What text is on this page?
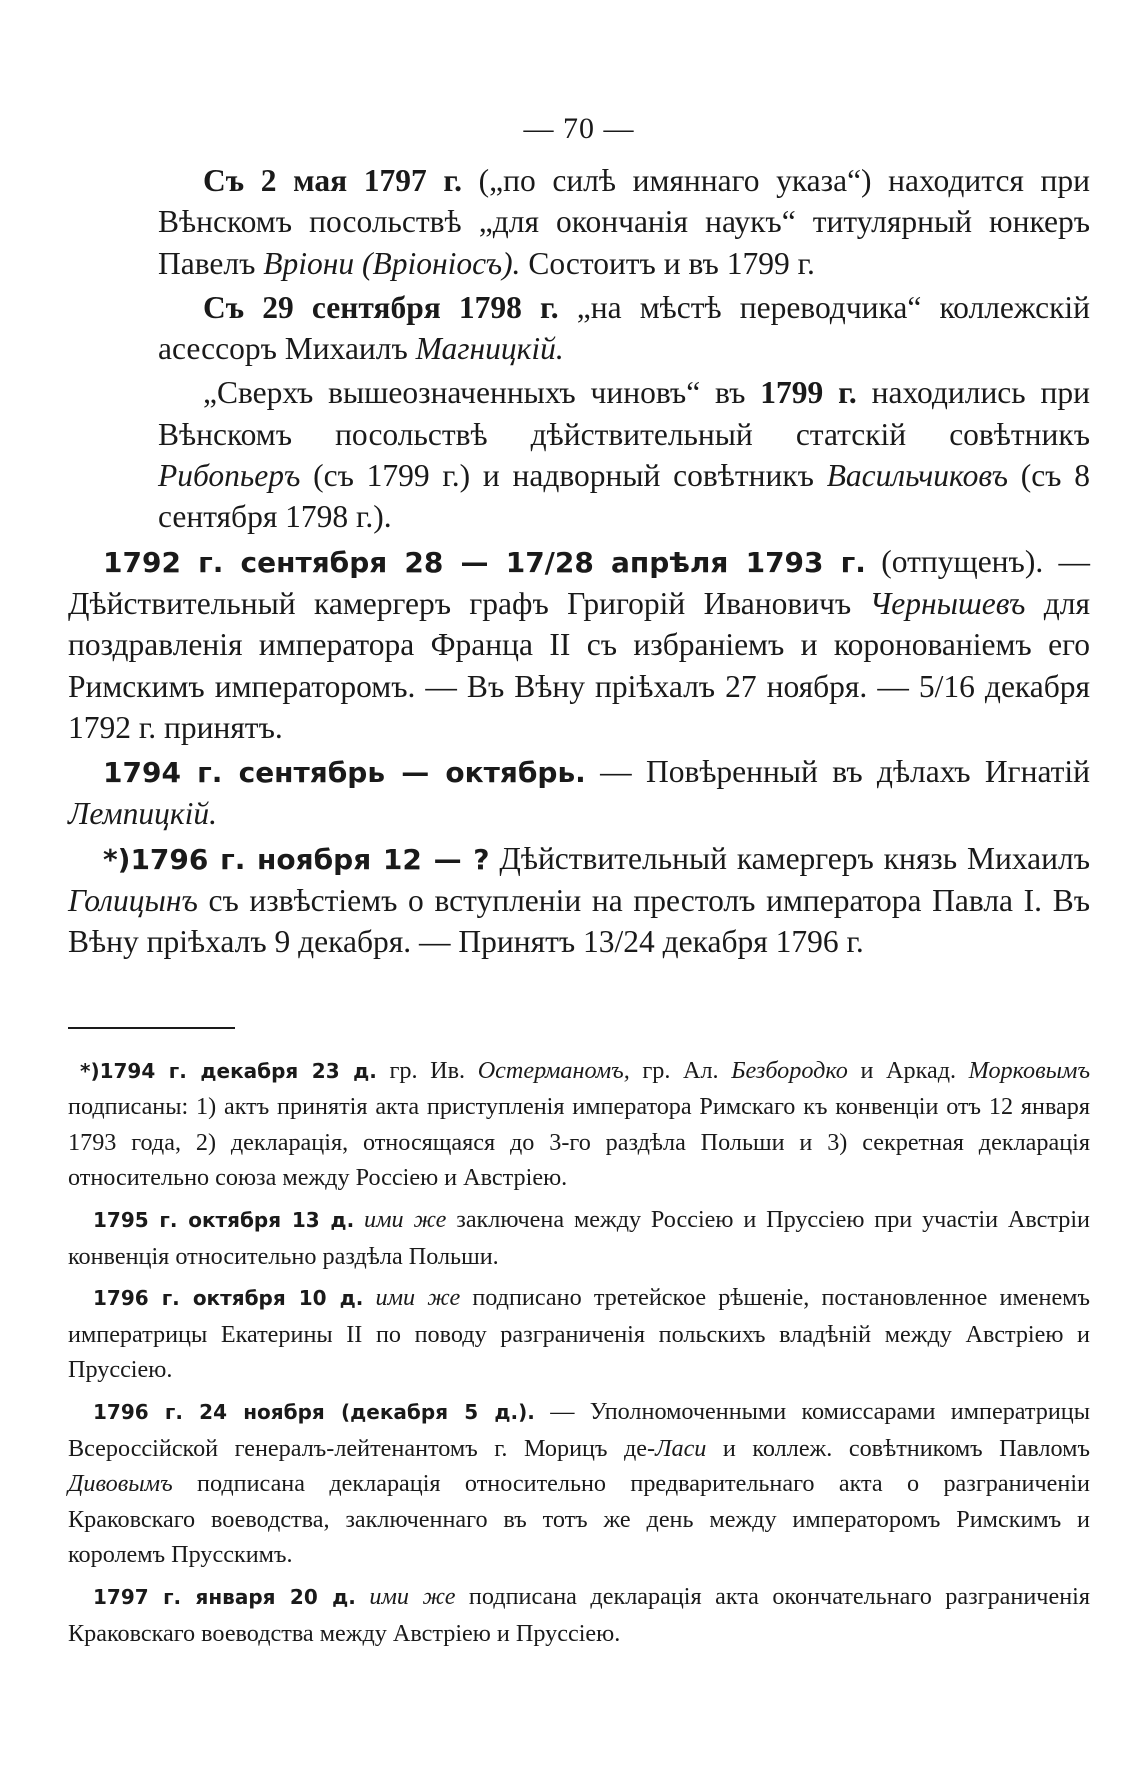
— 70 —

Съ 2 мая 1797 г. („по силѣ имяннаго указа“) находится при Вѣнскомъ посольствѣ „для окончанія наукъ“ титулярный юнкеръ Павелъ Вріони (Вріоніосъ). Состоитъ и въ 1799 г.

Съ 29 сентября 1798 г. „на мѣстѣ переводчика“ коллежскій асессоръ Михаилъ Магницкій.

„Сверхъ вышеозначенныхъ чиновъ“ въ 1799 г. находились при Вѣнскомъ посольствѣ дѣйствительный статскій совѣтникъ Рибопьеръ (съ 1799 г.) и надворный совѣтникъ Васильчиковъ (съ 8 сентября 1798 г.).

1792 г. сентября 28 — 17/28 апрѣля 1793 г. (отпущенъ). — Дѣйствительный камергеръ графъ Григорій Ивановичъ Чернышевъ для поздравленія императора Франца II съ избраніемъ и коронованіемъ его Римскимъ императоромъ. — Въ Вѣну пріѣхалъ 27 ноября. — 5/16 декабря 1792 г. принятъ.

1794 г. сентябрь — октябрь. — Повѣренный въ дѣлахъ Игнатій Лемпицкій.

*)1796 г. ноября 12 — ? Дѣйствительный камергеръ князь Михаилъ Голицынъ съ извѣстіемъ о вступленіи на престолъ императора Павла I. Въ Вѣну пріѣхалъ 9 декабря. — Принятъ 13/24 декабря 1796 г.

*)1794 г. декабря 23 д. гр. Ив. Остерманомъ, гр. Ал. Безбородко и Аркад. Морковымъ подписаны: 1) актъ принятія акта приступленія императора Римскаго къ конвенціи отъ 12 января 1793 года, 2) декларація, относящаяся до 3-го раздѣла Польши и 3) секретная декларація относительно союза между Россіею и Австріею.

1795 г. октября 13 д. ими же заключена между Россіею и Пруссіею при участіи Австріи конвенція относительно раздѣла Польши.

1796 г. октября 10 д. ими же подписано третейское рѣшеніе, постановленное именемъ императрицы Екатерины II по поводу разграниченія польскихъ владѣній между Австріею и Пруссіею.

1796 г. 24 ноября (декабря 5 д.). — Уполномоченными комиссарами императрицы Всероссійской генералъ-лейтенантомъ г. Морицъ де-Ласи и коллеж. совѣтникомъ Павломъ Дивовымъ подписана декларація относительно предварительнаго акта о разграниченіи Краковскаго воеводства, заключеннаго въ тотъ же день между императоромъ Римскимъ и королемъ Прусскимъ.

1797 г. января 20 д. ими же подписана декларація акта окончательнаго разграниченія Краковскаго воеводства между Австріею и Пруссіею.
